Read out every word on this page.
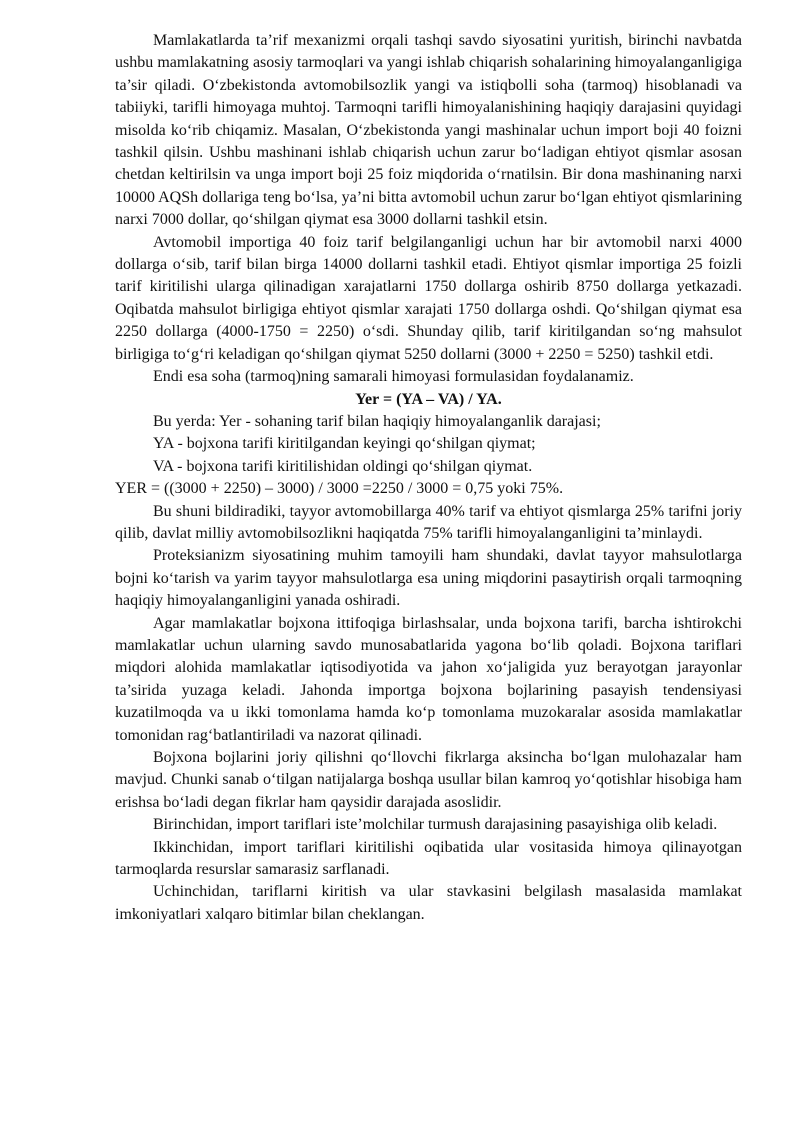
Mamlakatlarda ta’rif mexanizmi orqali tashqi savdo siyosatini yuritish, birinchi navbatda ushbu mamlakatning asosiy tarmoqlari va yangi ishlab chiqarish sohalarining himoyalanganligiga ta’sir qiladi. O‘zbekistonda avtomobilsozlik yangi va istiqbolli soha (tarmoq) hisoblanadi va tabiiyki, tarifli himoyaga muhtoj. Tarmoqni tarifli himoyalanishining haqiqiy darajasini quyidagi misolda ko‘rib chiqamiz. Masalan, O‘zbekistonda yangi mashinalar uchun import boji 40 foizni tashkil qilsin. Ushbu mashinani ishlab chiqarish uchun zarur bo‘ladigan ehtiyot qismlar asosan chetdan keltirilsin va unga import boji 25 foiz miqdorida o‘rnatilsin. Bir dona mashinaning narxi 10000 AQSh dollariga teng bo‘lsa, ya’ni bitta avtomobil uchun zarur bo‘lgan ehtiyot qismlarining narxi 7000 dollar, qo‘shilgan qiymat esa 3000 dollarni tashkil etsin.

Avtomobil importiga 40 foiz tarif belgilanganligi uchun har bir avtomobil narxi 4000 dollarga o‘sib, tarif bilan birga 14000 dollarni tashkil etadi. Ehtiyot qismlar importiga 25 foizli tarif kiritilishi ularga qilinadigan xarajatlarni 1750 dollarga oshirib 8750 dollarga yetkazadi. Oqibatda mahsulot birligiga ehtiyot qismlar xarajati 1750 dollarga oshdi. Qo‘shilgan qiymat esa 2250 dollarga (4000-1750 = 2250) o‘sdi. Shunday qilib, tarif kiritilgandan so‘ng mahsulot birligiga to‘g‘ri keladigan qo‘shilgan qiymat 5250 dollarni (3000 + 2250 = 5250) tashkil etdi.

Endi esa soha (tarmoq)ning samarali himoyasi formulasidan foydalanamiz.

Yer = (YA – VA) / YA.

Bu yerda: Yer - sohaning tarif bilan haqiqiy himoyalanganlik darajasi;

YA - bojxona tarifi kiritilgandan keyingi qo‘shilgan qiymat;

VA - bojxona tarifi kiritilishidan oldingi qo‘shilgan qiymat.

YER = ((3000 + 2250) – 3000) / 3000 =2250 / 3000 = 0,75 yoki 75%.

Bu shuni bildiradiki, tayyor avtomobillarga 40% tarif va ehtiyot qismlarga 25% tarifni joriy qilib, davlat milliy avtomobilsozlikni haqiqatda 75% tarifli himoyalanganligini ta’minlaydi.

Proteksianizm siyosatining muhim tamoyili ham shundaki, davlat tayyor mahsulotlarga bojni ko‘tarish va yarim tayyor mahsulotlarga esa uning miqdorini pasaytirish orqali tarmoqning haqiqiy himoyalanganligini yanada oshiradi.

Agar mamlakatlar bojxona ittifoqiga birlashsalar, unda bojxona tarifi, barcha ishtirokchi mamlakatlar uchun ularning savdo munosabatlarida yagona bo‘lib qoladi. Bojxona tariflari miqdori alohida mamlakatlar iqtisodiyotida va jahon xo‘jaligida yuz berayotgan jarayonlar ta’sirida yuzaga keladi. Jahonda importga bojxona bojlarining pasayish tendensiyasi kuzatilmoqda va u ikki tomonlama hamda ko‘p tomonlama muzokaralar asosida mamlakatlar tomonidan rag‘batlantiriladi va nazorat qilinadi.

Bojxona bojlarini joriy qilishni qo‘llovchi fikrlarga aksincha bo‘lgan mulohazalar ham mavjud. Chunki sanab o‘tilgan natijalarga boshqa usullar bilan kamroq yo‘qotishlar hisobiga ham erishsa bo‘ladi degan fikrlar ham qaysidir darajada asoslidir.

Birinchidan, import tariflari iste’molchilar turmush darajasining pasayishiga olib keladi.

Ikkinchidan, import tariflari kiritilishi oqibatida ular vositasida himoya qilinayotgan tarmoqlarda resurslar samarasiz sarflanadi.

Uchinchidan, tariflarni kiritish va ular stavkasini belgilash masalasida mamlakat imkoniyatlari xalqaro bitimlar bilan cheklangan.
